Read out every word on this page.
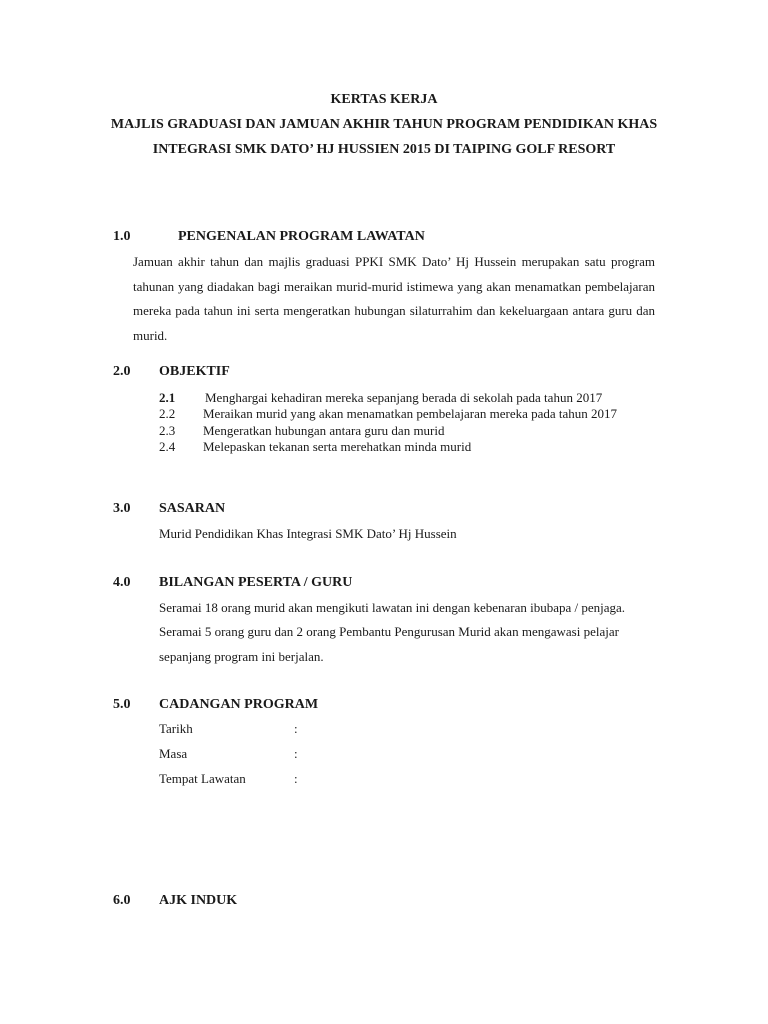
KERTAS KERJA
MAJLIS GRADUASI DAN JAMUAN AKHIR TAHUN PROGRAM PENDIDIKAN KHAS
INTEGRASI SMK DATO’ HJ HUSSIEN 2015 DI TAIPING GOLF RESORT
1.0	PENGENALAN PROGRAM LAWATAN
Jamuan akhir tahun dan majlis graduasi PPKI SMK Dato’ Hj Hussein merupakan satu program tahunan yang diadakan bagi meraikan murid-murid istimewa yang akan menamatkan pembelajaran mereka pada tahun ini serta mengeratkan hubungan silaturrahim dan kekeluargaan antara guru dan murid.
2.0 OBJEKTIF
2.1 Menghargai kehadiran mereka sepanjang berada di sekolah pada tahun 2017
2.2 Meraikan murid yang akan menamatkan pembelajaran mereka pada tahun 2017
2.3 Mengeratkan hubungan antara guru dan murid
2.4 Melepaskan tekanan serta merehatkan minda murid
3.0 SASARAN
Murid Pendidikan Khas Integrasi SMK Dato’ Hj Hussein
4.0 BILANGAN PESERTA / GURU
Seramai 18 orang murid akan mengikuti lawatan ini dengan kebenaran ibubapa / penjaga.
Seramai 5 orang guru dan 2 orang Pembantu Pengurusan Murid akan mengawasi pelajar
sepanjang program ini berjalan.
5.0 CADANGAN PROGRAM
Tarikh	:
Masa	:
Tempat Lawatan	:
6.0 AJK INDUK
